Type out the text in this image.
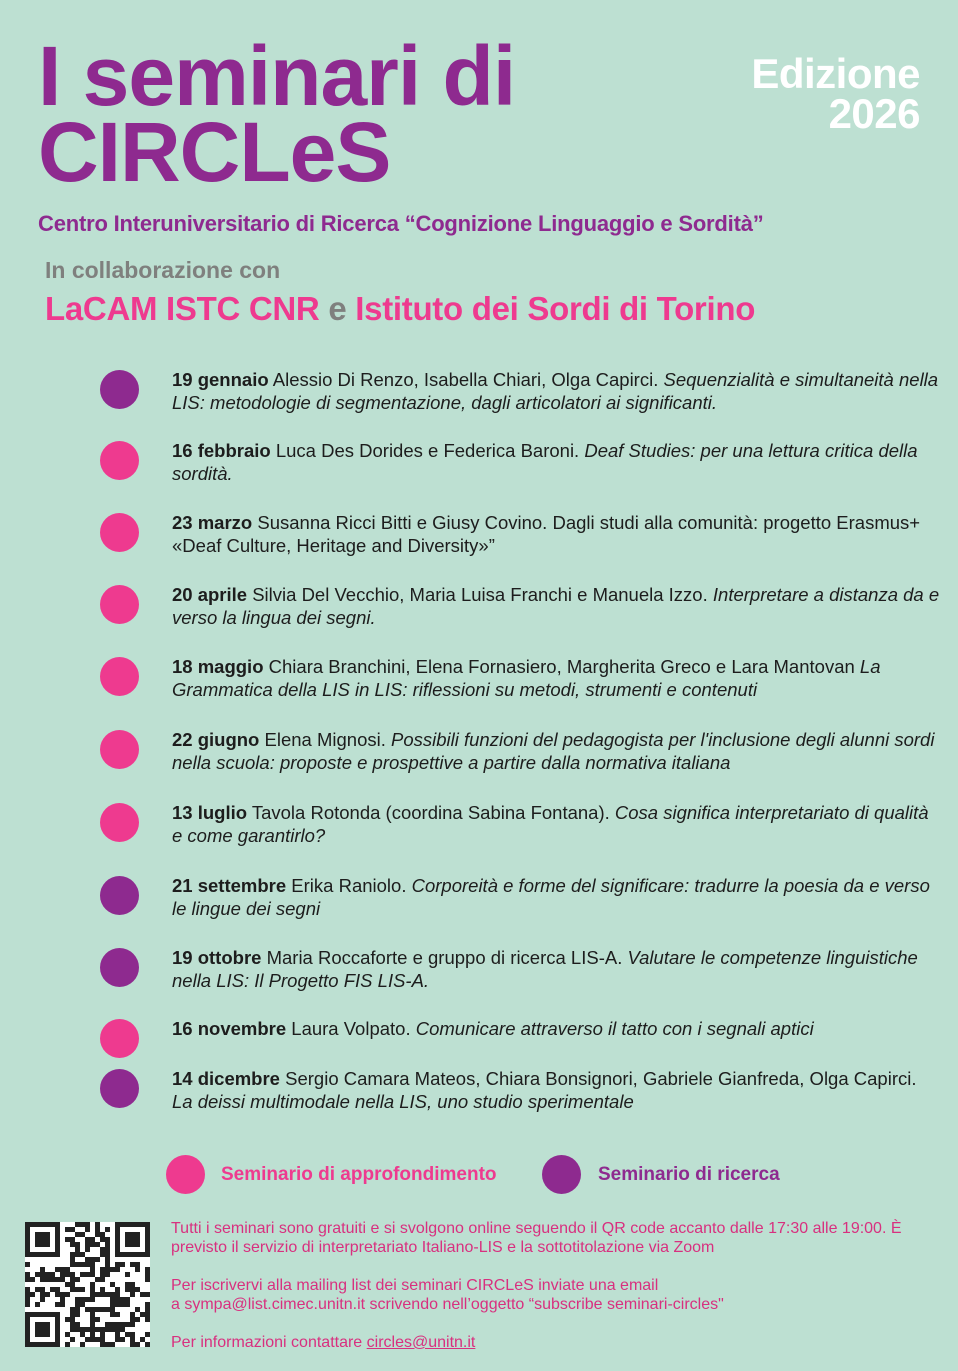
I seminari di
CIRCLeS
Edizione
2026
Centro Interuniversitario di Ricerca “Cognizione Linguaggio e Sordità”
In collaborazione con
LaCAM ISTC CNR e Istituto dei Sordi di Torino
19 gennaio Alessio Di Renzo, Isabella Chiari, Olga Capirci. Sequenzialità e simultaneità nella LIS: metodologie di segmentazione, dagli articolatori ai significanti.
16 febbraio Luca Des Dorides e Federica Baroni. Deaf Studies: per una lettura critica della sordità.
23 marzo Susanna Ricci Bitti e Giusy Covino. Dagli studi alla comunità: progetto Erasmus+ «Deaf Culture, Heritage and Diversity»”
20 aprile Silvia Del Vecchio, Maria Luisa Franchi e Manuela Izzo. Interpretare a distanza da e verso la lingua dei segni.
18 maggio Chiara Branchini, Elena Fornasiero, Margherita Greco e Lara Mantovan La Grammatica della LIS in LIS: riflessioni su metodi, strumenti e contenuti
22 giugno Elena Mignosi. Possibili funzioni del pedagogista per l'inclusione degli alunni sordi nella scuola: proposte e prospettive a partire dalla normativa italiana
13 luglio Tavola Rotonda (coordina Sabina Fontana). Cosa significa interpretariato di qualità e come garantirlo?
21 settembre Erika Raniolo. Corporeità e forme del significare: tradurre la poesia da e verso le lingue dei segni
19 ottobre Maria Roccaforte e gruppo di ricerca LIS-A. Valutare le competenze linguistiche nella LIS: Il Progetto FIS LIS-A.
16 novembre Laura Volpato. Comunicare attraverso il tatto con i segnali aptici
14 dicembre Sergio Camara Mateos, Chiara Bonsignori, Gabriele Gianfreda, Olga Capirci. La deissi multimodale nella LIS, uno studio sperimentale
Seminario di approfondimento	Seminario di ricerca

Tutti i seminari sono gratuiti e si svolgono online seguendo il QR code accanto dalle 17:30 alle 19:00. È previsto il servizio di interpretariato Italiano-LIS e la sottotitolazione via Zoom

Per iscrivervi alla mailing list dei seminari CIRCLeS inviate una email
a sympa@list.cimec.unitn.it scrivendo nell’oggetto “subscribe seminari-circles"

Per informazioni contattare circles@unitn.it
